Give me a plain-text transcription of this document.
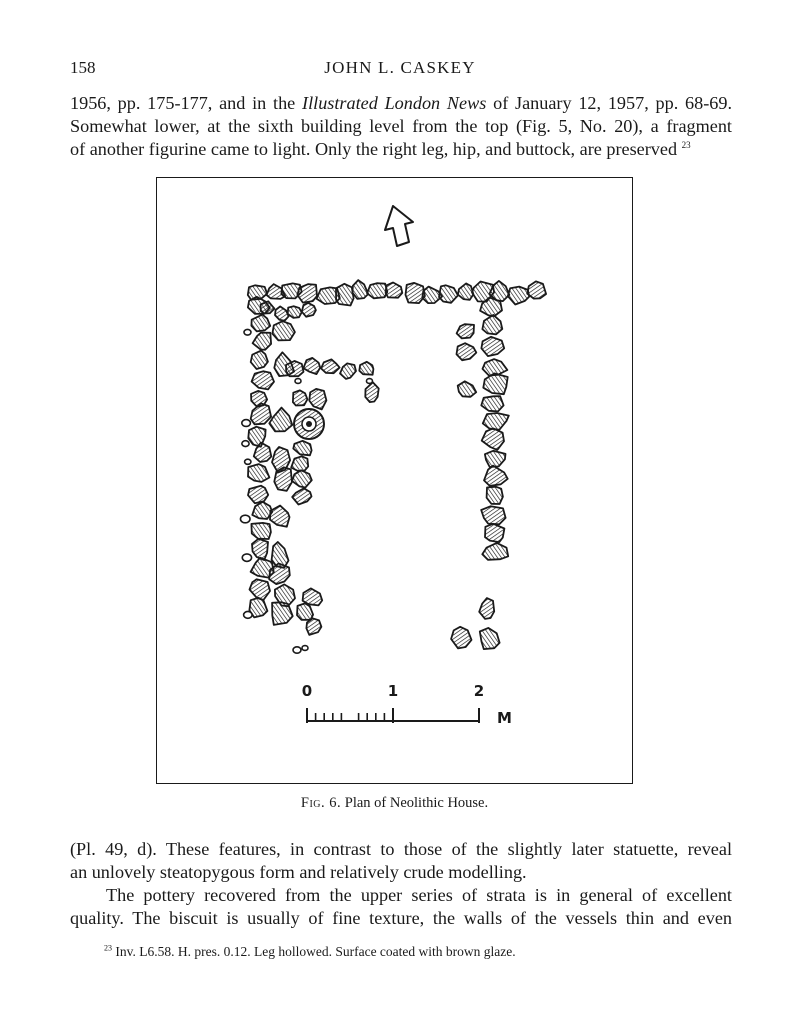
158	JOHN L. CASKEY

1956, pp. 175-177, and in the Illustrated London News of January 12, 1957, pp. 68-69.
Somewhat lower, at the sixth building level from the top (Fig. 5, No. 20), a fragment
of another figurine came to light. Only the right leg, hip, and buttock, are preserved $^{23}$

0	1	2
M
Fig. 6. Plan of Neolithic House.

(Pl. 49, d). These features, in contrast to those of the slightly later statuette, reveal
an unlovely steatopygous form and relatively crude modelling.

The pottery recovered from the upper series of strata is in general of excellent
quality. The biscuit is usually of fine texture, the walls of the vessels thin and even

$^{23}$ Inv. L6.58. H. pres. 0.12. Leg hollowed. Surface coated with brown glaze.
